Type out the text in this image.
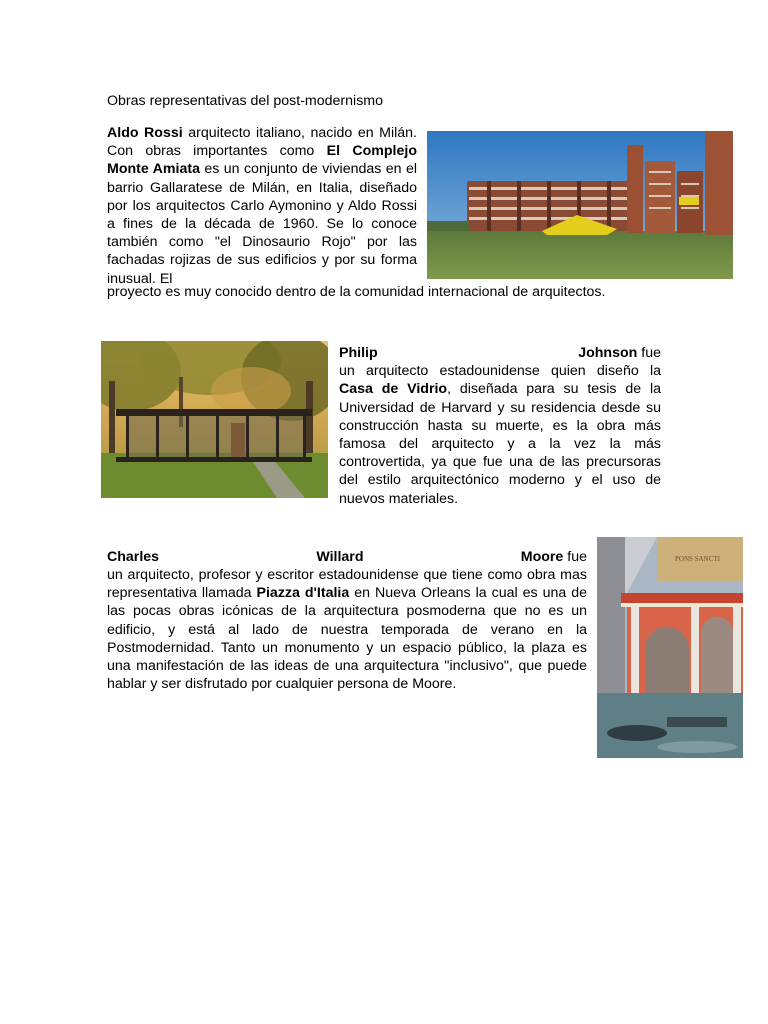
Obras representativas del post-modernismo
Aldo Rossi arquitecto italiano, nacido en Milán. Con obras importantes como El Complejo Monte Amiata es un conjunto de viviendas en el barrio Gallaratese de Milán, en Italia, diseñado por los arquitectos Carlo Aymonino y Aldo Rossi a fines de la década de 1960. Se lo conoce también como "el Dinosaurio Rojo" por las fachadas rojizas de sus edificios y por su forma inusual. El
proyecto es muy conocido dentro de la comunidad internacional de arquitectos.
Philip	Johnson fue
un arquitecto estadounidense quien diseño la Casa de Vidrio, diseñada para su tesis de la Universidad de Harvard y su residencia desde su construcción hasta su muerte, es la obra más famosa del arquitecto y a la vez la más controvertida, ya que fue una de las precursoras del estilo arquitectónico moderno y el uso de nuevos materiales.
Charles	Willard	Moore fue
un arquitecto, profesor y escritor estadounidense que tiene como obra mas representativa llamada Piazza d'Italia en Nueva Orleans la cual es una de las pocas obras icónicas de la arquitectura posmoderna que no es un edificio, y está al lado de nuestra temporada de verano en la Postmodernidad. Tanto un monumento y un espacio público, la plaza es una manifestación de las ideas de una arquitectura "inclusivo", que puede hablar y ser disfrutado por cualquier persona de Moore.
PONS SANCTI
